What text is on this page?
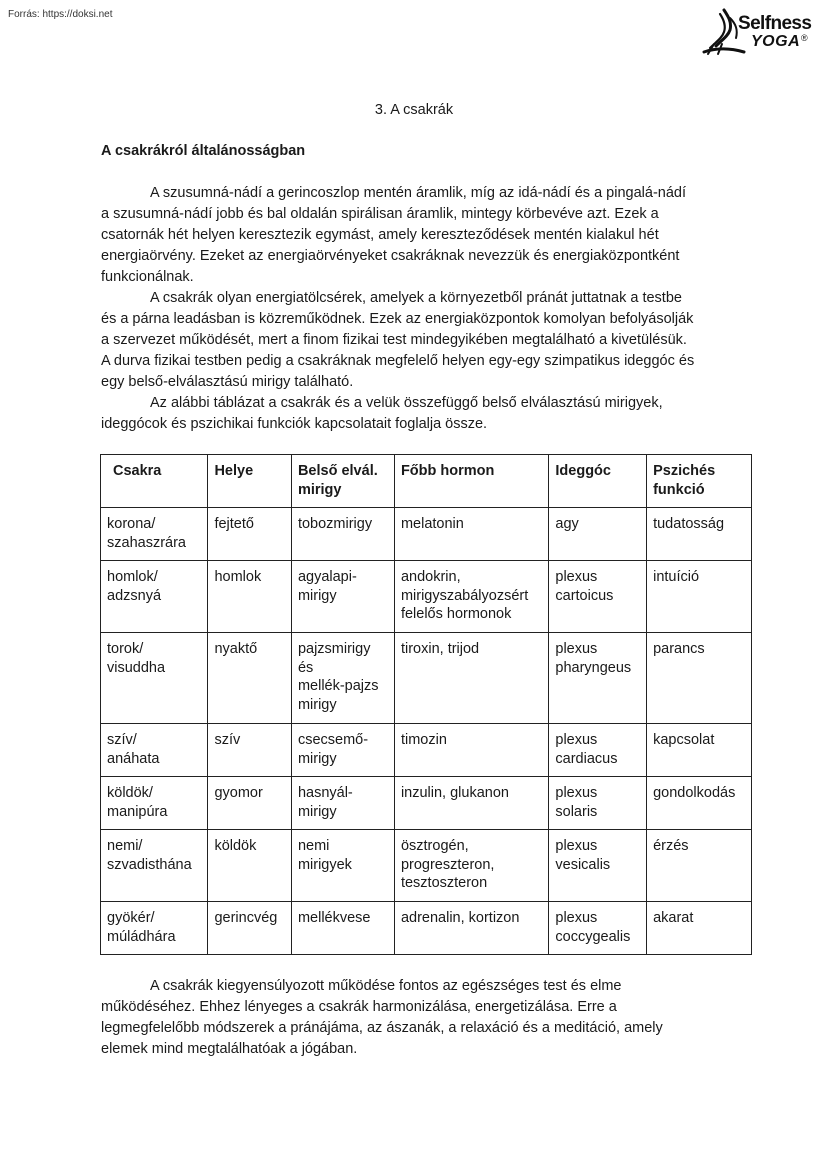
Forrás: https://doksi.net	Selfness
YOGA ®
3. A csakrák
A csakrákról általánosságban
A szusumná-nádí a gerincoszlop mentén áramlik, míg az idá-nádí és a pingalá-nádí
a szusumná-nádí jobb és bal oldalán spirálisan áramlik, mintegy körbevéve azt. Ezek a
csatornák hét helyen keresztezik egymást, amely kereszteződések mentén kialakul hét
energiaörvény. Ezeket az energiaörvényeket csakráknak nevezzük és energiaközpontként
funkcionálnak.
A csakrák olyan energiatölcsérek, amelyek a környezetből pránát juttatnak a testbe
és a párna leadásban is közreműködnek. Ezek az energiaközpontok komolyan befolyásolják
a szervezet működését, mert a finom fizikai test mindegyikében megtalálható a kivetülésük.
A durva fizikai testben pedig a csakráknak megfelelő helyen egy-egy szimpatikus ideggóc és
egy belső-elválasztású mirigy található.
Az alábbi táblázat a csakrák és a velük összefüggő belső elválasztású mirigyek,
ideggócok és pszichikai funkciók kapcsolatait foglalja össze.
Csakra	Helye	Belső elvál.
mirigy	Főbb hormon	Ideggóc	Pszichés
funkció

korona/
szahaszrára	fejtető	tobozmirigy	melatonin	agy	tudatosság

homlok/
adzsnyá	homlok	agyalapi-
mirigy	andokrin,
mirigyszabályozsért
felelős hormonok	plexus
cartoicus	intuíció

torok/
visuddha	nyaktő	pajzsmirigy
és
mellék-pajzs
mirigy	tiroxin, trijod	plexus
pharyngeus	parancs

szív/
anáhata	szív	csecsemő-
mirigy	timozin	plexus
cardiacus	kapcsolat

köldök/
manipúra	gyomor	hasnyál-
mirigy	inzulin, glukanon	plexus
solaris	gondolkodás

nemi/
szvadisthána	köldök	nemi
mirigyek	ösztrogén,
progreszteron,
tesztoszteron	plexus
vesicalis	érzés

gyökér/
múládhára	gerincvég	mellékvese	adrenalin, kortizon	plexus
coccygealis	akarat
A csakrák kiegyensúlyozott működése fontos az egészséges test és elme
működéséhez. Ehhez lényeges a csakrák harmonizálása, energetizálása. Erre a
legmegfelelőbb módszerek a pránájáma, az ászanák, a relaxáció és a meditáció, amely
elemek mind megtalálhatóak a jógában.
